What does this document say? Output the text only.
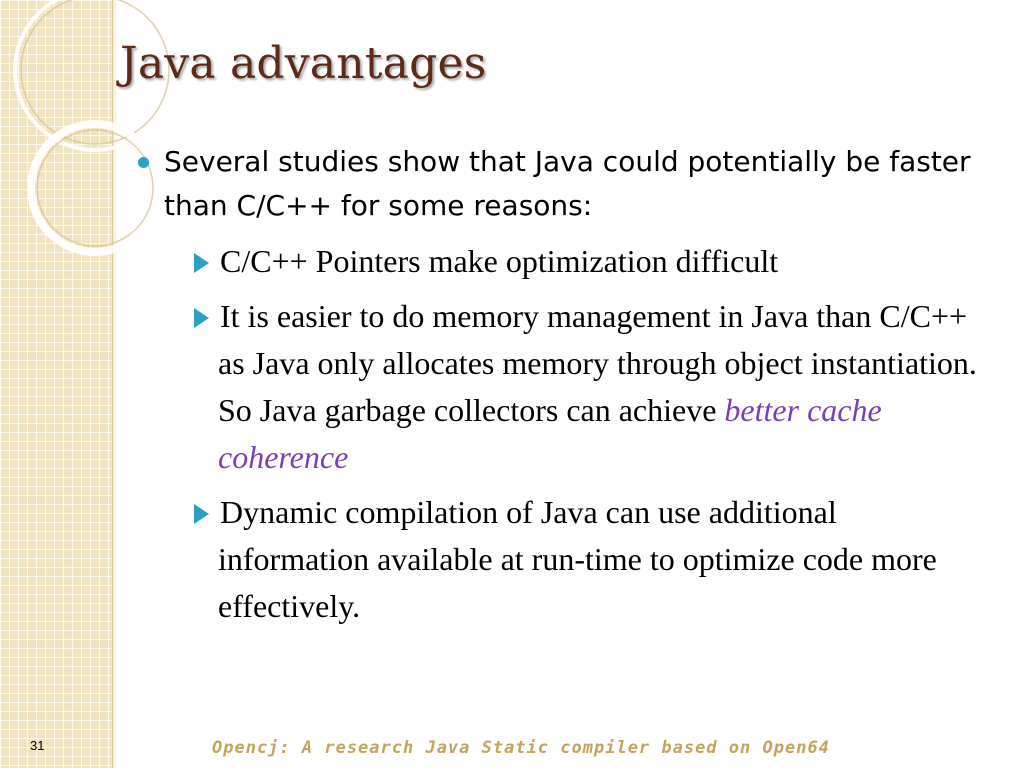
Java advantages
Several studies show that Java could potentially be faster than C/C++ for some reasons:
C/C++ Pointers make optimization difficult
It is easier to do memory management in Java than C/C++ as Java only allocates memory through object instantiation. So Java garbage collectors can achieve better cache coherence
Dynamic compilation of Java can use additional information available at run-time to optimize code more effectively.
31	Opencj: A research Java Static compiler based on Open64
